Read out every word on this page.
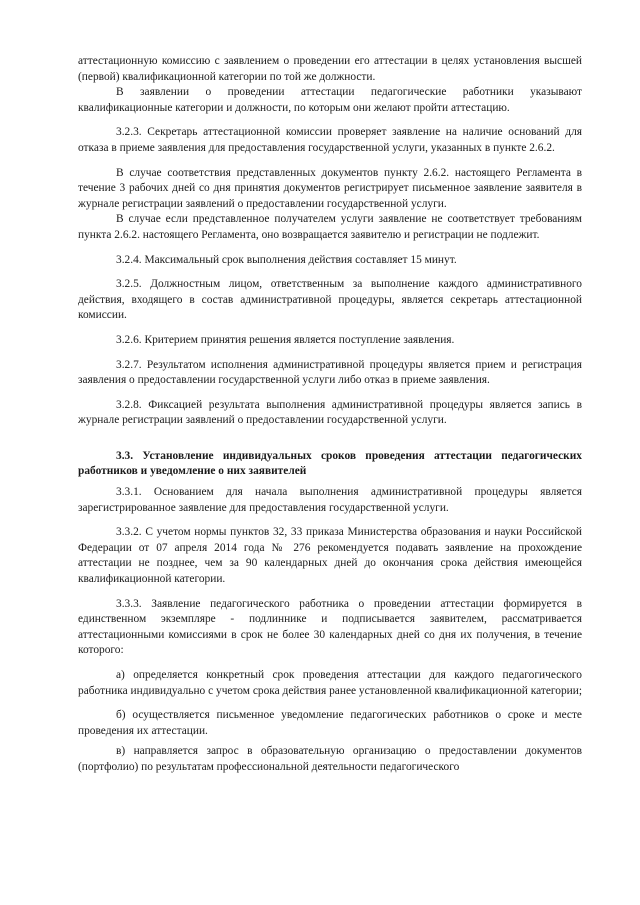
аттестационную комиссию с заявлением о проведении его аттестации в целях установления высшей (первой) квалификационной категории по той же должности.

В заявлении о проведении аттестации педагогические работники указывают квалификационные категории и должности, по которым они желают пройти аттестацию.

3.2.3. Секретарь аттестационной комиссии проверяет заявление на наличие оснований для отказа в приеме заявления для предоставления государственной услуги, указанных в пункте 2.6.2.

В случае соответствия представленных документов пункту 2.6.2. настоящего Регламента в течение 3 рабочих дней со дня принятия документов регистрирует письменное заявление заявителя в журнале регистрации заявлений о предоставлении государственной услуги.

В случае если представленное получателем услуги заявление не соответствует требованиям пункта 2.6.2. настоящего Регламента, оно возвращается заявителю и регистрации не подлежит.

3.2.4. Максимальный срок выполнения действия составляет 15 минут.

3.2.5. Должностным лицом, ответственным за выполнение каждого административного действия, входящего в состав административной процедуры, является секретарь аттестационной комиссии.

3.2.6. Критерием принятия решения является поступление заявления.

3.2.7. Результатом исполнения административной процедуры является прием и регистрация заявления о предоставлении государственной услуги либо отказ в приеме заявления.

3.2.8. Фиксацией результата выполнения административной процедуры является запись в журнале регистрации заявлений о предоставлении государственной услуги.

3.3. Установление индивидуальных сроков проведения аттестации педагогических работников и уведомление о них заявителей

3.3.1. Основанием для начала выполнения административной процедуры является зарегистрированное заявление для предоставления государственной услуги.

3.3.2. С учетом нормы пунктов 32, 33 приказа Министерства образования и науки Российской Федерации от 07 апреля 2014 года № 276 рекомендуется подавать заявление на прохождение аттестации не позднее, чем за 90 календарных дней до окончания срока действия имеющейся квалификационной категории.

3.3.3. Заявление педагогического работника о проведении аттестации формируется в единственном экземпляре - подлиннике и подписывается заявителем, рассматривается аттестационными комиссиями в срок не более 30 календарных дней со дня их получения, в течение которого:

а) определяется конкретный срок проведения аттестации для каждого педагогического работника индивидуально с учетом срока действия ранее установленной квалификационной категории;

б) осуществляется письменное уведомление педагогических работников о сроке и месте проведения их аттестации.

в) направляется запрос в образовательную организацию о предоставлении документов (портфолио) по результатам профессиональной деятельности педагогического
